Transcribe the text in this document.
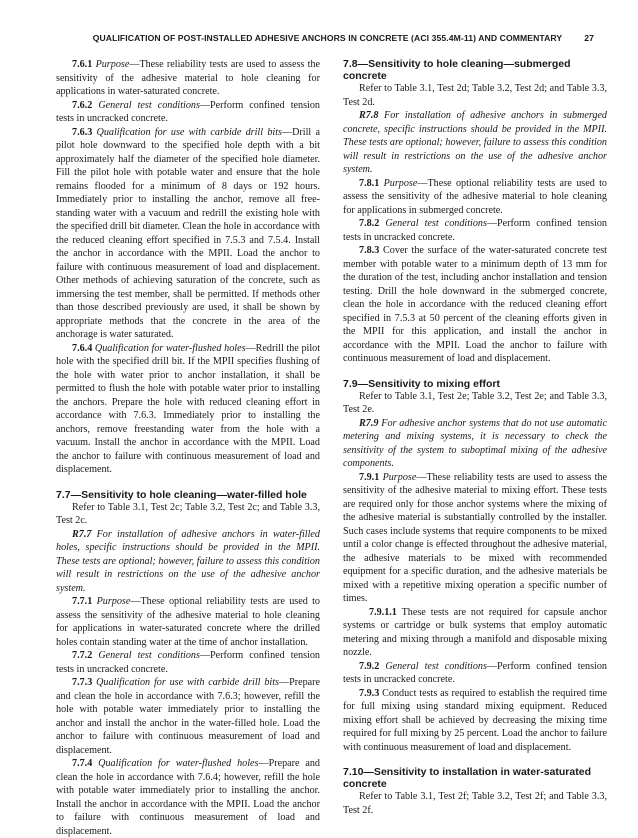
QUALIFICATION OF POST-INSTALLED ADHESIVE ANCHORS IN CONCRETE (ACI 355.4M-11) AND COMMENTARY	27

7.6.1 Purpose—These reliability tests are used to assess the sensitivity of the adhesive material to hole cleaning for applications in water-saturated concrete.

7.6.2 General test conditions—Perform confined tension tests in uncracked concrete.

7.6.3 Qualification for use with carbide drill bits—Drill a pilot hole downward to the specified hole depth with a bit approximately half the diameter of the specified hole diameter. Fill the pilot hole with potable water and ensure that the hole remains flooded for a minimum of 8 days or 192 hours. Immediately prior to installing the anchor, remove all free-standing water with a vacuum and redrill the existing hole with the specified drill bit diameter. Clean the hole in accordance with the reduced cleaning effort specified in 7.5.3 and 7.5.4. Install the anchor in accordance with the MPII. Load the anchor to failure with continuous measurement of load and displacement. Other methods of achieving saturation of the concrete, such as immersing the test member, shall be permitted. If methods other than those described previously are used, it shall be shown by appropriate methods that the concrete in the area of the anchorage is water saturated.

7.6.4 Qualification for water-flushed holes—Redrill the pilot hole with the specified drill bit. If the MPII specifies flushing of the hole with water prior to anchor installation, it shall be permitted to flush the hole with potable water prior to installing the anchors. Prepare the hole with reduced cleaning effort in accordance with 7.6.3. Immediately prior to installing the anchors, remove freestanding water from the hole with a vacuum. Install the anchor in accordance with the MPII. Load the anchor to failure with continuous measurement of load and displacement.

7.7—Sensitivity to hole cleaning—water-filled hole

Refer to Table 3.1, Test 2c; Table 3.2, Test 2c; and Table 3.3, Test 2c.

R7.7 For installation of adhesive anchors in water-filled holes, specific instructions should be provided in the MPII. These tests are optional; however, failure to assess this condition will result in restrictions on the use of the adhesive anchor system.

7.7.1 Purpose—These optional reliability tests are used to assess the sensitivity of the adhesive material to hole cleaning for applications in water-saturated concrete where the drilled holes contain standing water at the time of anchor installation.

7.7.2 General test conditions—Perform confined tension tests in uncracked concrete.

7.7.3 Qualification for use with carbide drill bits—Prepare and clean the hole in accordance with 7.6.3; however, refill the hole with potable water immediately prior to installing the anchor and install the anchor in the water-filled hole. Load the anchor to failure with continuous measurement of load and displacement.

7.7.4 Qualification for water-flushed holes—Prepare and clean the hole in accordance with 7.6.4; however, refill the hole with potable water immediately prior to installing the anchor. Install the anchor in accordance with the MPII. Load the anchor to failure with continuous measurement of load and displacement.

7.8—Sensitivity to hole cleaning—submerged concrete

Refer to Table 3.1, Test 2d; Table 3.2, Test 2d; and Table 3.3, Test 2d.

R7.8 For installation of adhesive anchors in submerged concrete, specific instructions should be provided in the MPII. These tests are optional; however, failure to assess this condition will result in restrictions on the use of the adhesive anchor system.

7.8.1 Purpose—These optional reliability tests are used to assess the sensitivity of the adhesive material to hole cleaning for applications in submerged concrete.

7.8.2 General test conditions—Perform confined tension tests in uncracked concrete.

7.8.3 Cover the surface of the water-saturated concrete test member with potable water to a minimum depth of 13 mm for the duration of the test, including anchor installation and tension testing. Drill the hole downward in the submerged concrete, clean the hole in accordance with the reduced cleaning effort specified in 7.5.3 at 50 percent of the cleaning efforts given in the MPII for this application, and install the anchor in accordance with the MPII. Load the anchor to failure with continuous measurement of load and displacement.

7.9—Sensitivity to mixing effort

Refer to Table 3.1, Test 2e; Table 3.2, Test 2e; and Table 3.3, Test 2e.

R7.9 For adhesive anchor systems that do not use automatic metering and mixing systems, it is necessary to check the sensitivity of the system to suboptimal mixing of the adhesive components.

7.9.1 Purpose—These reliability tests are used to assess the sensitivity of the adhesive material to mixing effort. These tests are required only for those anchor systems where the mixing of the adhesive material is substantially controlled by the installer. Such cases include systems that require components to be mixed until a color change is effected throughout the adhesive material, the adhesive materials to be mixed with recommended equipment for a specific duration, and the adhesive materials be mixed with a repetitive mixing operation a specific number of times.

7.9.1.1 These tests are not required for capsule anchor systems or cartridge or bulk systems that employ automatic metering and mixing through a manifold and disposable mixing nozzle.

7.9.2 General test conditions—Perform confined tension tests in uncracked concrete.

7.9.3 Conduct tests as required to establish the required time for full mixing using standard mixing equipment. Reduced mixing effort shall be achieved by decreasing the mixing time required for full mixing by 25 percent. Load the anchor to failure with continuous measurement of load and displacement.

7.10—Sensitivity to installation in water-saturated concrete

Refer to Table 3.1, Test 2f; Table 3.2, Test 2f; and Table 3.3, Test 2f.
